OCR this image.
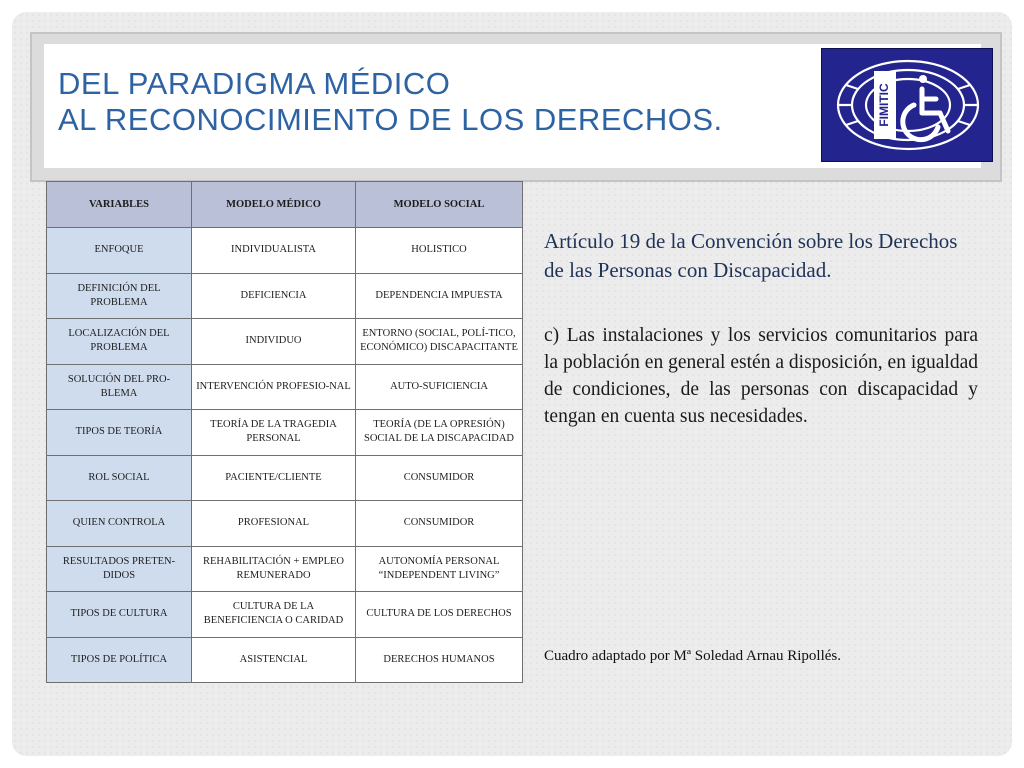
DEL PARADIGMA MÉDICO
AL RECONOCIMIENTO DE LOS DERECHOS.	FIMITIC
VARIABLES	MODELO MÉDICO	MODELO SOCIAL
ENFOQUE	INDIVIDUALISTA	HOLISTICO
DEFINICIÓN DEL PROBLEMA	DEFICIENCIA	DEPENDENCIA IMPUESTA
LOCALIZACIÓN DEL PROBLEMA	INDIVIDUO	ENTORNO (SOCIAL, POLÍ-TICO, ECONÓMICO) DISCAPACITANTE
SOLUCIÓN DEL PRO-BLEMA	INTERVENCIÓN PROFESIO-NAL	AUTO-SUFICIENCIA
TIPOS DE TEORÍA	TEORÍA DE LA TRAGEDIA PERSONAL	TEORÍA (DE LA OPRESIÓN) SOCIAL DE LA DISCAPACIDAD
ROL SOCIAL	PACIENTE/CLIENTE	CONSUMIDOR
QUIEN CONTROLA	PROFESIONAL	CONSUMIDOR
RESULTADOS PRETEN-DIDOS	REHABILITACIÓN + EMPLEO REMUNERADO	AUTONOMÍA PERSONAL “INDEPENDENT LIVING”
TIPOS DE CULTURA	CULTURA DE LA BENEFICIENCIA O CARIDAD	CULTURA DE LOS DERECHOS
TIPOS DE POLÍTICA	ASISTENCIAL	DERECHOS HUMANOS
Artículo 19 de la Convención sobre los Derechos de las Personas con Discapacidad.
c) Las instalaciones y los servicios comunitarios para la población en general estén a disposición, en igualdad de condiciones, de las personas con discapacidad y tengan en cuenta sus necesidades.
Cuadro adaptado por Mª Soledad Arnau Ripollés.
